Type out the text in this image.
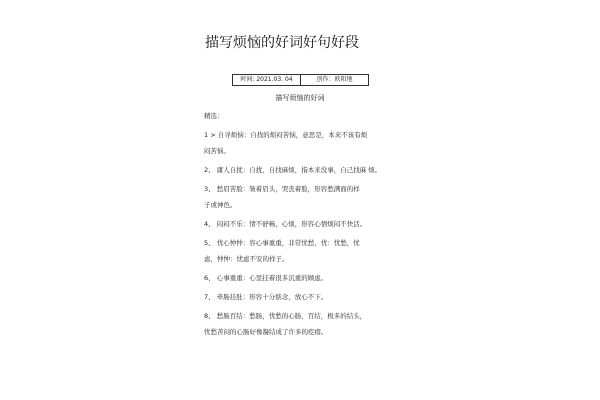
描写烦恼的好词好句好段
时间: 2021.03. 04	创作：欧阳地
描写烦恼的好词
精选：
1 > 自寻烦恼：自找的烦闷苦恼，意思是，本来不该有烦
闷苦恼。
2、 庸人自扰：自扰，自找麻烦，指本来没事，自己找麻 烦。
3、 愁眉苦脸：皱着眉头，哭丧着脸，形容愁满面的样
子或神色。
4、 闷闷不乐：情不舒畅，心烦，形容心情烦闷不快活。
5、 忧心忡忡：容心事重重，非常忧愁，忧：忧愁，忧
虑，忡忡：忧虑不安的样子。
6、 心事重重：心里挂着很多沉重的顾虑。
7、 牵肠挂肚：形容十分惦念，放心不下。
8、 愁肠百结：愁肠，忧愁的心肠，百结，极多的结头，
忧愁苦闷的心肠好像凝结成了许多的疙瘩。
